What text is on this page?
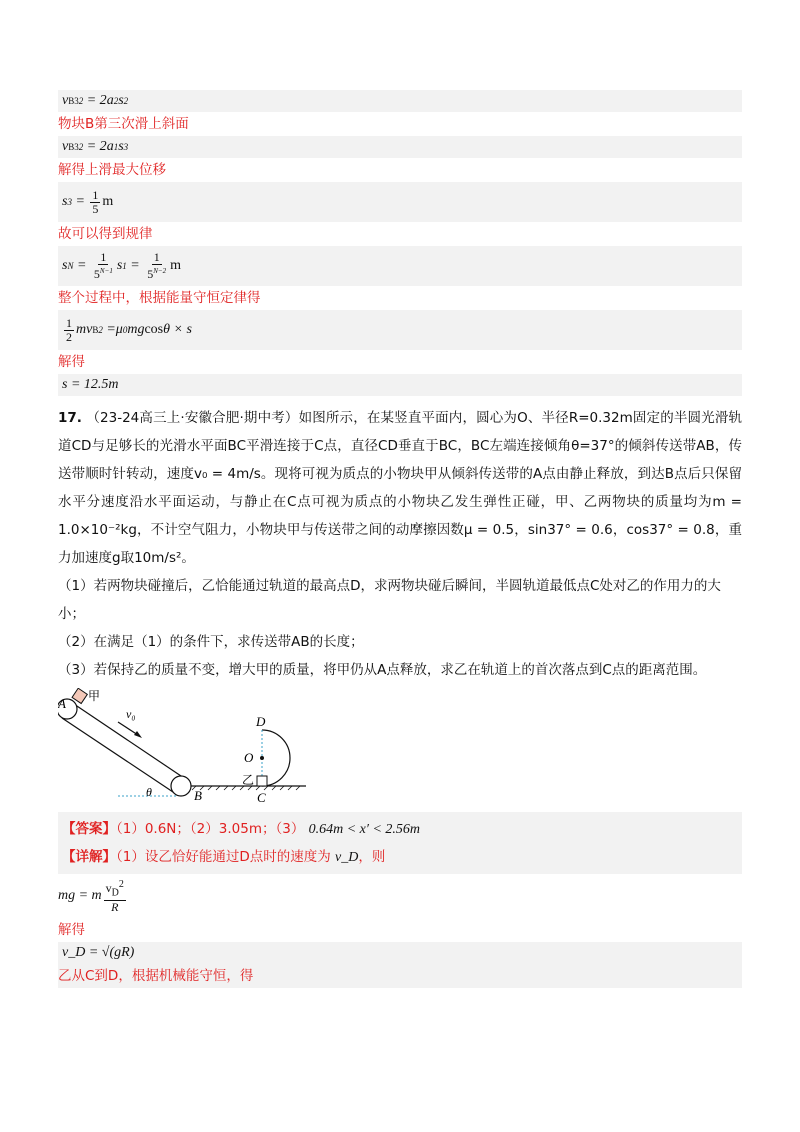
v B3 2 = 2 a 2 s 2
物块B第三次滑上斜面
v B3 2 = 2 a 1 s 3
解得上滑最大位移
s $3 = \frac{1}{5}$ m
故可以得到规律
s $N = \frac{1}{5^{N-1}}$ s $1 = \frac{1}{5^{N-2}}$ m
整个过程中，根据能量守恒定律得
$\frac{1}{2}$ mv B 2 = μ 0 mg cos θ × s
解得
s = 12.5m

17. （23-24高三上·安徽合肥·期中考）如图所示，在某竖直平面内，圆心为O、半径R=0.32m固定的半圆光滑轨道CD与足够长的光滑水平面BC平滑连接于C点，直径CD垂直于BC，BC左端连接倾角θ=37°的倾斜传送带AB，传送带顺时针转动，速度v₀ = 4m/s。现将可视为质点的小物块甲从倾斜传送带的A点由静止释放，到达B点后只保留水平分速度沿水平面运动，与静止在C点可视为质点的小物块乙发生弹性正碰，甲、乙两物块的质量均为m = 1.0×10⁻²kg，不计空气阻力，小物块甲与传送带之间的动摩擦因数μ = 0.5，sin37° = 0.6，cos37° = 0.8，重力加速度g取10m/s²。

（1）若两物块碰撞后，乙恰能通过轨道的最高点D，求两物块碰后瞬间，半圆轨道最低点C处对乙的作用力的大小；

（2）在满足（1）的条件下，求传送带AB的长度；

（3）若保持乙的质量不变，增大甲的质量，将甲仍从A点释放，求乙在轨道上的首次落点到C点的距离范围。

A 甲
v₀
θ	B
D
O
乙
C
【答案】（1）0.6N；（2）3.05m；（3） 0.64m < x′ < 2.56m
【详解】（1）设乙恰好能通过D点时的速度为 v_D，则
mg = m $\frac{v_D^2}{R}$
解得
v_D = √(gR)
乙从C到D，根据机械能守恒，得
